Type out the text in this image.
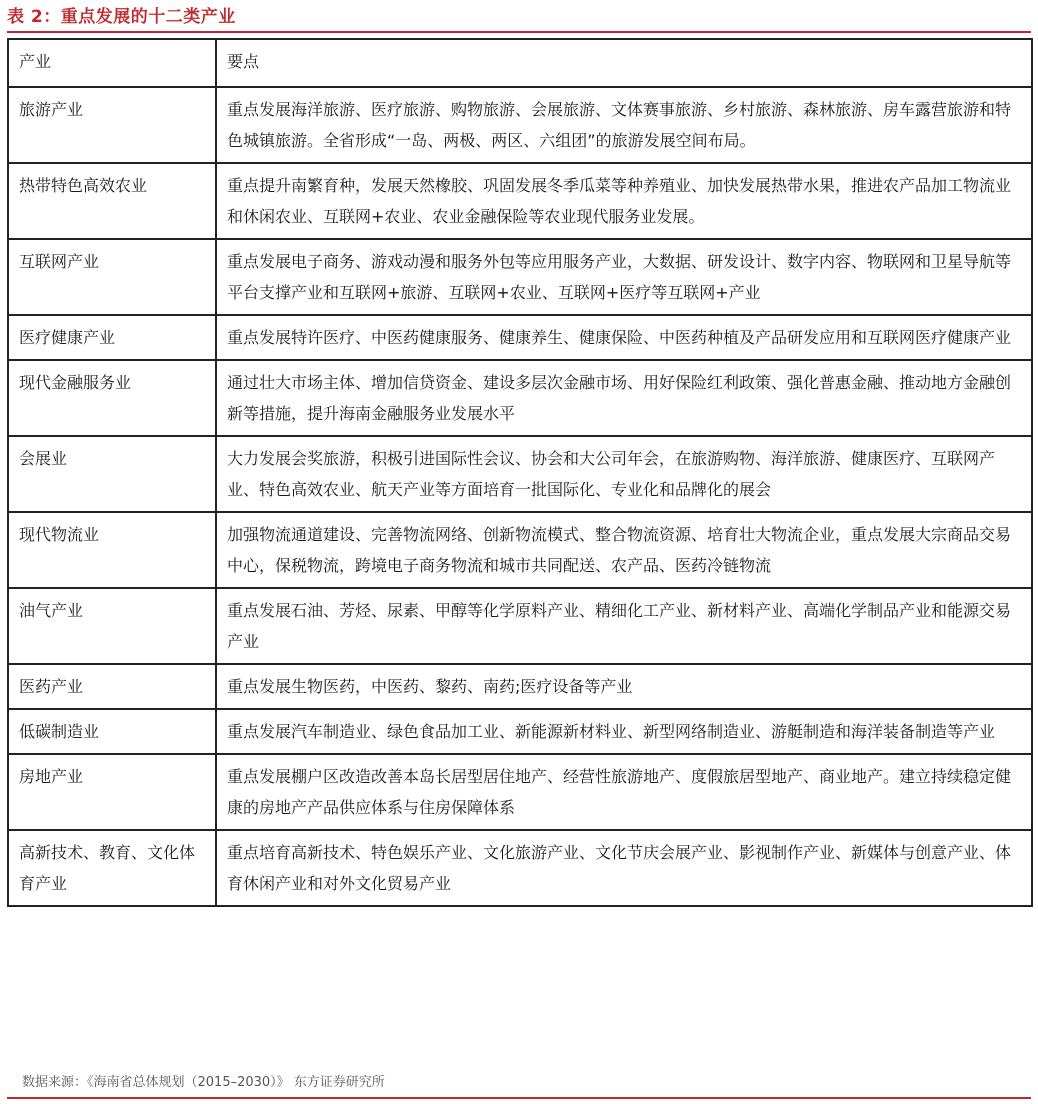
表 2：重点发展的十二类产业
产业	要点
旅游产业	重点发展海洋旅游、医疗旅游、购物旅游、会展旅游、文体赛事旅游、乡村旅游、森林旅游、房车露营旅游和特色城镇旅游。全省形成“一岛、两极、两区、六组团”的旅游发展空间布局。
热带特色高效农业	重点提升南繁育种，发展天然橡胶、巩固发展冬季瓜菜等种养殖业、加快发展热带水果，推进农产品加工物流业和休闲农业、互联网+农业、农业金融保险等农业现代服务业发展。
互联网产业	重点发展电子商务、游戏动漫和服务外包等应用服务产业，大数据、研发设计、数字内容、物联网和卫星导航等平台支撑产业和互联网+旅游、互联网+农业、互联网+医疗等互联网+产业
医疗健康产业	重点发展特许医疗、中医药健康服务、健康养生、健康保险、中医药种植及产品研发应用和互联网医疗健康产业
现代金融服务业	通过壮大市场主体、增加信贷资金、建设多层次金融市场、用好保险红利政策、强化普惠金融、推动地方金融创新等措施，提升海南金融服务业发展水平
会展业	大力发展会奖旅游，积极引进国际性会议、协会和大公司年会，在旅游购物、海洋旅游、健康医疗、互联网产业、特色高效农业、航天产业等方面培育一批国际化、专业化和品牌化的展会
现代物流业	加强物流通道建设、完善物流网络、创新物流模式、整合物流资源、培育壮大物流企业，重点发展大宗商品交易中心，保税物流，跨境电子商务物流和城市共同配送、农产品、医药冷链物流
油气产业	重点发展石油、芳烃、尿素、甲醇等化学原料产业、精细化工产业、新材料产业、高端化学制品产业和能源交易产业
医药产业	重点发展生物医药，中医药、黎药、南药;医疗设备等产业
低碳制造业	重点发展汽车制造业、绿色食品加工业、新能源新材料业、新型网络制造业、游艇制造和海洋装备制造等产业
房地产业	重点发展棚户区改造改善本岛长居型居住地产、经营性旅游地产、度假旅居型地产、商业地产。建立持续稳定健康的房地产产品供应体系与住房保障体系
高新技术、教育、文化体育产业	重点培育高新技术、特色娱乐产业、文化旅游产业、文化节庆会展产业、影视制作产业、新媒体与创意产业、体育休闲产业和对外文化贸易产业
数据来源：《海南省总体规划（2015–2030）》 东方证券研究所
